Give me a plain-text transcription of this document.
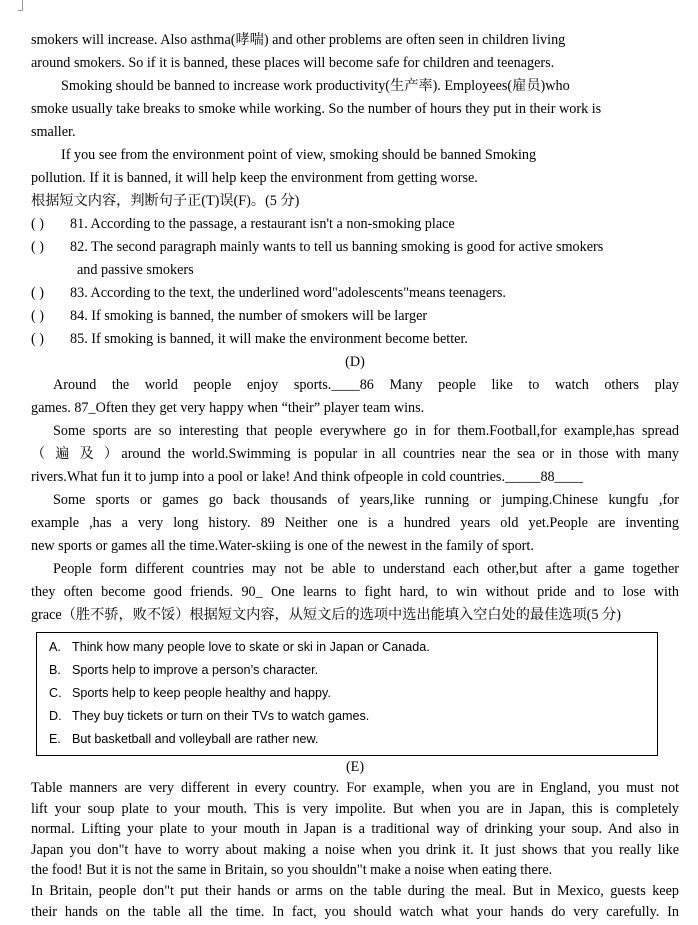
smokers will increase. Also asthma(哮喘) and other problems are often seen in children living
around smokers. So if it is banned, these places will become safe for children and teenagers.
Smoking should be banned to increase work productivity(生产率). Employees(雇员)who
smoke usually take breaks to smoke while working. So the number of hours they put in their work is
smaller.
If you see from the environment point of view, smoking should be banned Smoking
pollution. If it is banned, it will help keep the environment from getting worse.
根据短文内容，判断句子正(T)误(F)。(5 分)
( )	81. According to the passage, a restaurant isn't a non-smoking place
( )	82. The second paragraph mainly wants to tell us banning smoking is good for active smokers
and passive smokers
( )	83. According to the text, the underlined word"adolescents"means teenagers.
( )	84. If smoking is banned, the number of smokers will be larger
( )	85. If smoking is banned, it will make the environment become better.
(D)
Around the world people enjoy sports.____86 Many people like to watch others play
games. 87_Often they get very happy when “their” player team wins.
Some sports are so interesting that people everywhere go in for them.Football,for example,has spread
（ 遍 及 ）around the world.Swimming is popular in all countries near the sea or in those with many
rivers.What fun it to jump into a pool or lake! And think ofpeople in cold countries._____88____
Some sports or games go back thousands of years,like running or jumping.Chinese kungfu ,for
example ,has a very long history. 89 Neither one is a hundred years old yet.People are inventing
new sports or games all the time.Water-skiing is one of the newest in the family of sport.
People form different countries may not be able to understand each other,but after a game together
they often become good friends. 90_ One learns to fight hard, to win without pride and to lose with
grace（胜不骄，败不馁）根据短文内容，从短文后的选项中选出能填入空白处的最佳选项(5 分)
A. Think how many people love to skate or ski in Japan or Canada.
B. Sports help to improve a person’s character.
C. Sports help to keep people healthy and happy.
D. They buy tickets or turn on their TVs to watch games.
E. But basketball and volleyball are rather new.
(E)
Table manners are very different in every country. For example, when you are in England, you must not
lift your soup plate to your mouth. This is very impolite. But when you are in Japan, this is completely
normal. Lifting your plate to your mouth in Japan is a traditional way of drinking your soup. And also in
Japan you don"t have to worry about making a noise when you drink it. It just shows that you really like
the food! But it is not the same in Britain, so you shouldn"t make a noise when eating there.
In Britain, people don"t put their hands or arms on the table during the meal. But in Mexico, guests keep
their hands on the table all the time. In fact, you should watch what your hands do very carefully. In
